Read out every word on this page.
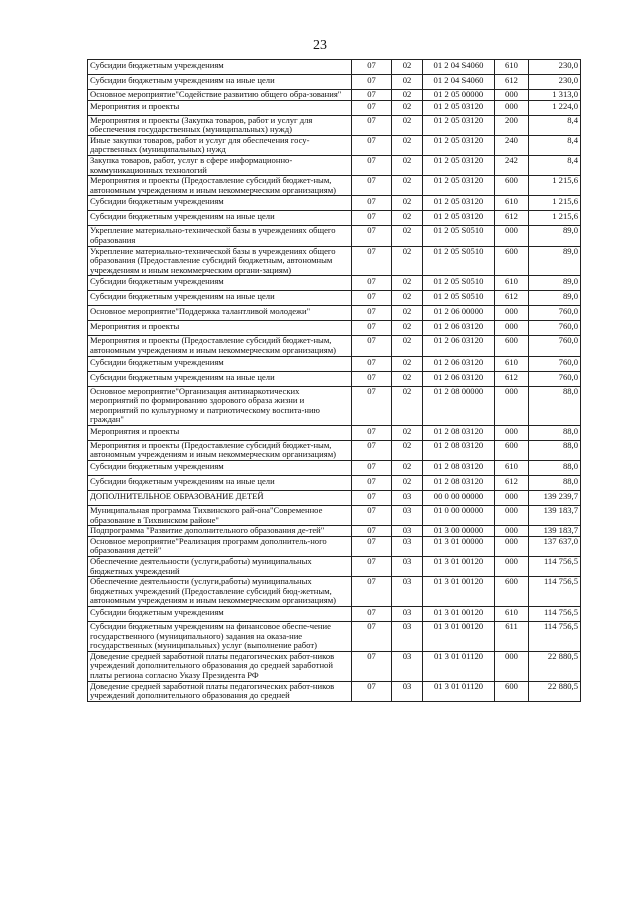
23
Субсидии бюджетным учреждениям	07	02	01 2 04 S4060	610	230,0
Субсидии бюджетным учреждениям на иные цели	07	02	01 2 04 S4060	612	230,0
Основное мероприятие"Содействие развитию общего обра-зования"	07	02	01 2 05 00000	000	1 313,0
Мероприятия и проекты	07	02	01 2 05 03120	000	1 224,0
Мероприятия и проекты (Закупка товаров, работ и услуг для обеспечения государственных (муниципальных) нужд)	07	02	01 2 05 03120	200	8,4
Иные закупки товаров, работ и услуг для обеспечения госу-дарственных (муниципальных) нужд	07	02	01 2 05 03120	240	8,4
Закупка товаров, работ, услуг в сфере информационно-коммуникационных технологий	07	02	01 2 05 03120	242	8,4
Мероприятия и проекты (Предоставление субсидий бюджет-ным, автономным учреждениям и иным некоммерческим организациям)	07	02	01 2 05 03120	600	1 215,6
Субсидии бюджетным учреждениям	07	02	01 2 05 03120	610	1 215,6
Субсидии бюджетным учреждениям на иные цели	07	02	01 2 05 03120	612	1 215,6
Укрепление материально-технической базы в учреждениях общего образования	07	02	01 2 05 S0510	000	89,0
Укрепление материально-технической базы в учреждениях общего образования (Предоставление субсидий бюджетным, автономным учреждениям и иным некоммерческим органи-зациям)	07	02	01 2 05 S0510	600	89,0
Субсидии бюджетным учреждениям	07	02	01 2 05 S0510	610	89,0
Субсидии бюджетным учреждениям на иные цели	07	02	01 2 05 S0510	612	89,0
Основное мероприятие"Поддержка талантливой молодежи"	07	02	01 2 06 00000	000	760,0
Мероприятия и проекты	07	02	01 2 06 03120	000	760,0
Мероприятия и проекты (Предоставление субсидий бюджет-ным, автономным учреждениям и иным некоммерческим организациям)	07	02	01 2 06 03120	600	760,0
Субсидии бюджетным учреждениям	07	02	01 2 06 03120	610	760,0
Субсидии бюджетным учреждениям на иные цели	07	02	01 2 06 03120	612	760,0
Основное мероприятие"Организация антинаркотических мероприятий по формированию здорового образа жизни и мероприятий по культурному и патриотическому воспита-нию граждан"	07	02	01 2 08 00000	000	88,0
Мероприятия и проекты	07	02	01 2 08 03120	000	88,0
Мероприятия и проекты (Предоставление субсидий бюджет-ным, автономным учреждениям и иным некоммерческим организациям)	07	02	01 2 08 03120	600	88,0
Субсидии бюджетным учреждениям	07	02	01 2 08 03120	610	88,0
Субсидии бюджетным учреждениям на иные цели	07	02	01 2 08 03120	612	88,0
ДОПОЛНИТЕЛЬНОЕ ОБРАЗОВАНИЕ ДЕТЕЙ	07	03	00 0 00 00000	000	139 239,7
Муниципальная программа Тихвинского рай-она"Современное образование в Тихвинском районе"	07	03	01 0 00 00000	000	139 183,7
Подпрограмма "Развитие дополнительного образования де-тей"	07	03	01 3 00 00000	000	139 183,7
Основное мероприятие"Реализация программ дополнитель-ного образования детей"	07	03	01 3 01 00000	000	137 637,0
Обеспечение деятельности (услуги,работы) муниципальных бюджетных учреждений	07	03	01 3 01 00120	000	114 756,5
Обеспечение деятельности (услуги,работы) муниципальных бюджетных учреждений (Предоставление субсидий бюд-жетным, автономным учреждениям и иным некоммерческим организациям)	07	03	01 3 01 00120	600	114 756,5
Субсидии бюджетным учреждениям	07	03	01 3 01 00120	610	114 756,5
Субсидии бюджетным учреждениям на финансовое обеспе-чение государственного (муниципального) задания на оказа-ние государственных (муниципальных) услуг (выполнение работ)	07	03	01 3 01 00120	611	114 756,5
Доведение средней заработной платы педагогических работ-ников учреждений дополнительного образования до средней заработной платы региона согласно Указу Президента РФ	07	03	01 3 01 01120	000	22 880,5
Доведение средней заработной платы педагогических работ-ников учреждений дополнительного образования до средней	07	03	01 3 01 01120	600	22 880,5
